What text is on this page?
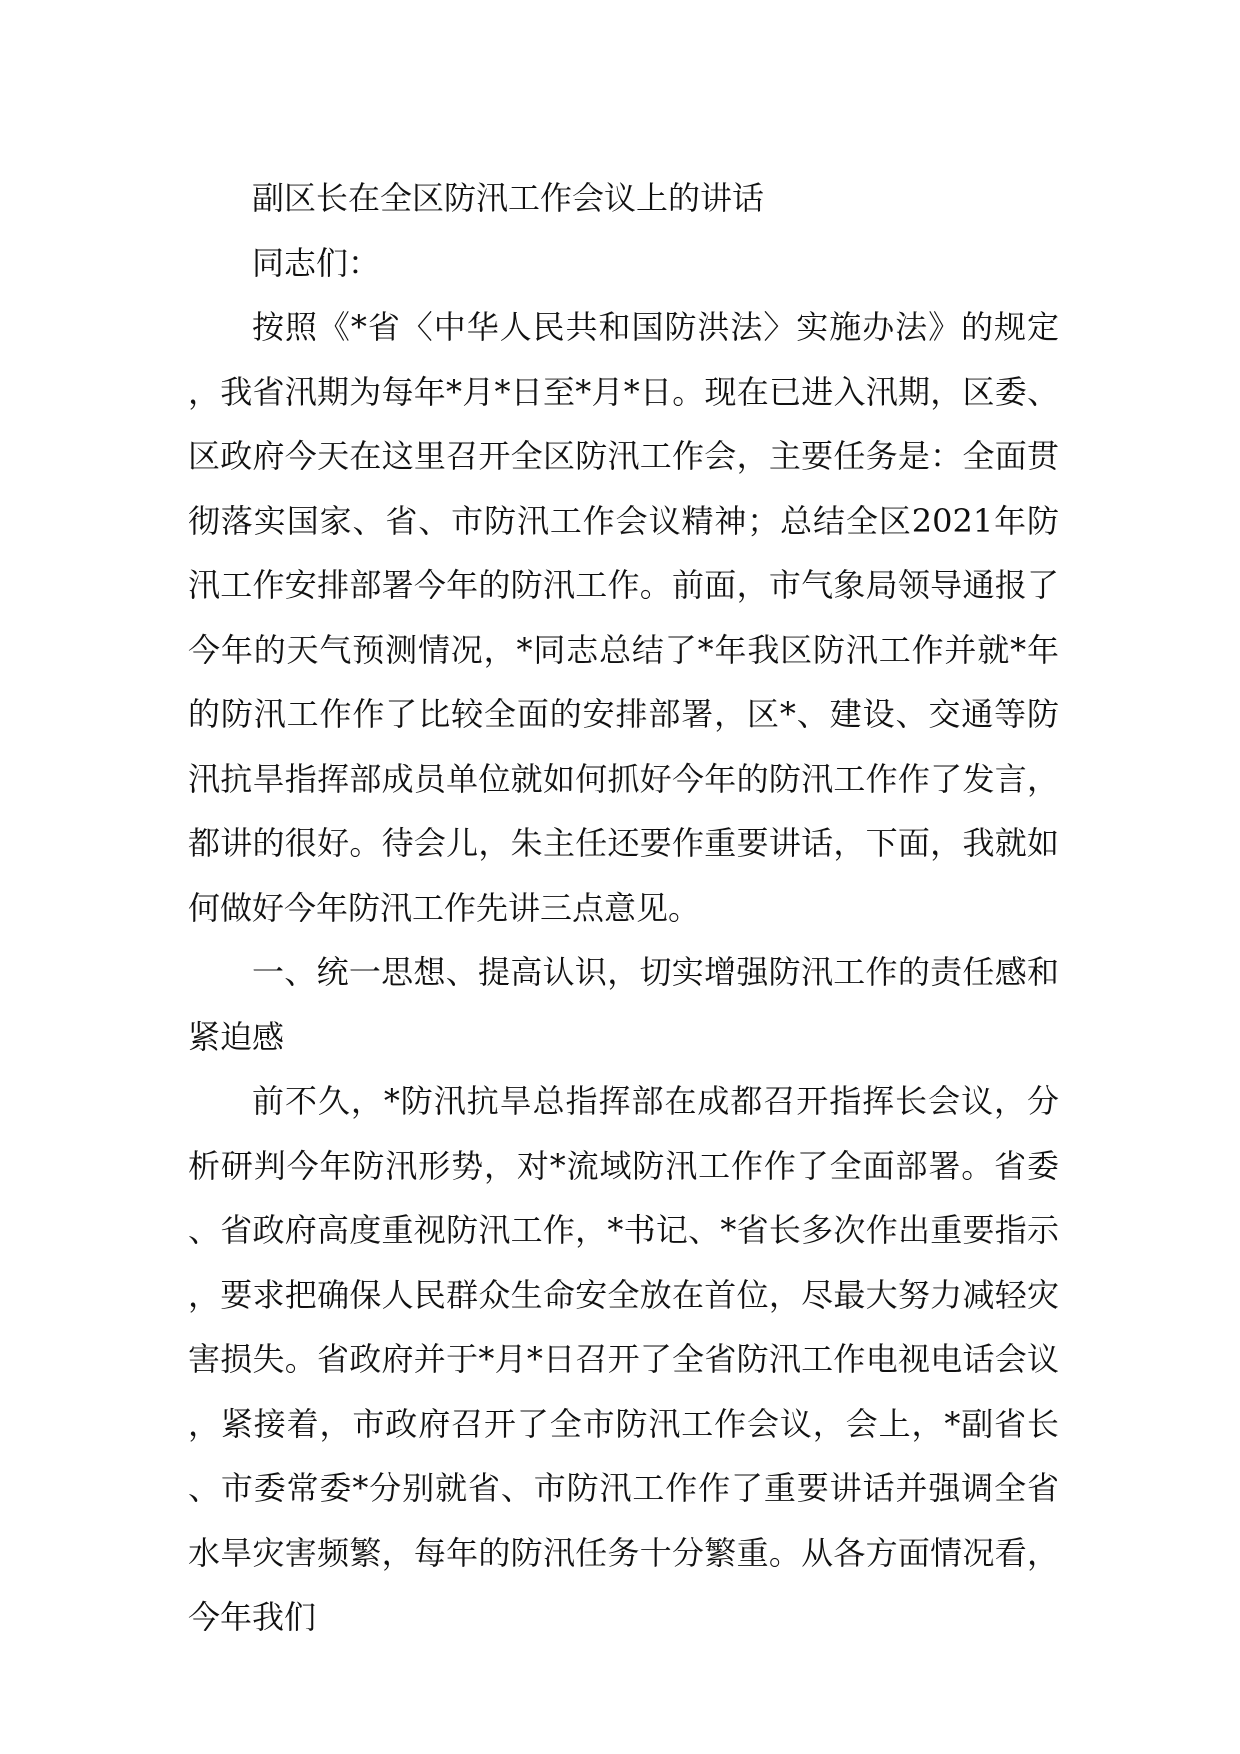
副区长在全区防汛工作会议上的讲话

同志们：

按照《*省〈中华人民共和国防洪法〉实施办法》的规定，我省汛期为每年*月*日至*月*日。现在已进入汛期，区委、区政府今天在这里召开全区防汛工作会，主要任务是：全面贯彻落实国家、省、市防汛工作会议精神；总结全区2021年防汛工作安排部署今年的防汛工作。前面，市气象局领导通报了今年的天气预测情况，*同志总结了*年我区防汛工作并就*年的防汛工作作了比较全面的安排部署，区*、建设、交通等防汛抗旱指挥部成员单位就如何抓好今年的防汛工作作了发言，都讲的很好。待会儿，朱主任还要作重要讲话，下面，我就如何做好今年防汛工作先讲三点意见。

一、统一思想、提高认识，切实增强防汛工作的责任感和紧迫感

前不久，*防汛抗旱总指挥部在成都召开指挥长会议，分析研判今年防汛形势，对*流域防汛工作作了全面部署。省委、省政府高度重视防汛工作，*书记、*省长多次作出重要指示，要求把确保人民群众生命安全放在首位，尽最大努力减轻灾害损失。省政府并于*月*日召开了全省防汛工作电视电话会议，紧接着，市政府召开了全市防汛工作会议，会上，*副省长、市委常委*分别就省、市防汛工作作了重要讲话并强调全省水旱灾害频繁，每年的防汛任务十分繁重。从各方面情况看，今年我们
